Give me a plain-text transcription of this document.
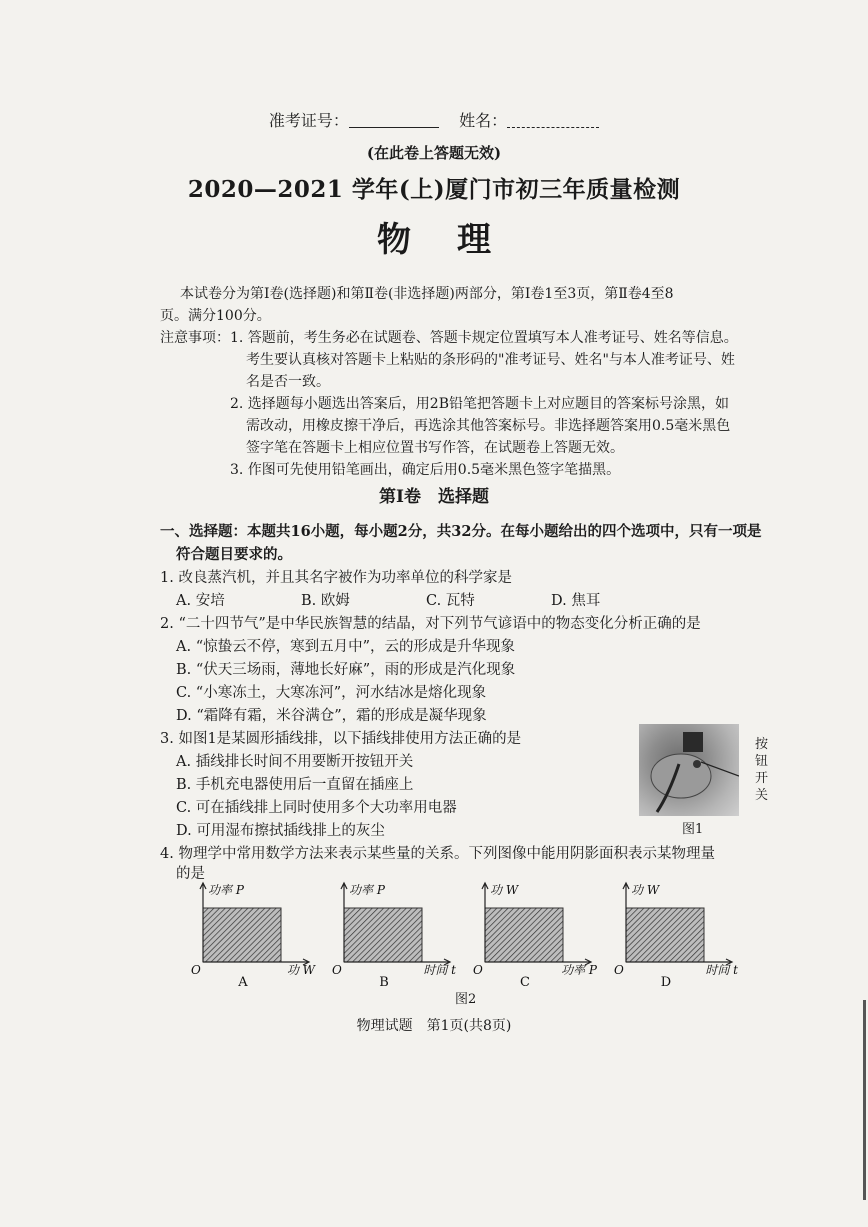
准考证号：	姓名：
(在此卷上答题无效)
2020—2021 学年(上)厦门市初三年质量检测
物理
本试卷分为第Ⅰ卷(选择题)和第Ⅱ卷(非选择题)两部分，第Ⅰ卷1至3页，第Ⅱ卷4至8
页。满分100分。
注意事项： 1. 答题前，考生务必在试题卷、答题卡规定位置填写本人准考证号、姓名等信息。
考生要认真核对答题卡上粘贴的条形码的"准考证号、姓名"与本人准考证号、姓
名是否一致。
2. 选择题每小题选出答案后，用2B铅笔把答题卡上对应题目的答案标号涂黑，如
需改动，用橡皮擦干净后，再选涂其他答案标号。非选择题答案用0.5毫米黑色
签字笔在答题卡上相应位置书写作答，在试题卷上答题无效。
3. 作图可先使用铅笔画出，确定后用0.5毫米黑色签字笔描黑。
第Ⅰ卷　选择题
一、选择题：本题共16小题，每小题2分，共32分。在每小题给出的四个选项中，只有一项是
符合题目要求的。
1. 改良蒸汽机，并且其名字被作为功率单位的科学家是
A. 安培	B. 欧姆	C. 瓦特	D. 焦耳
2. “二十四节气”是中华民族智慧的结晶，对下列节气谚语中的物态变化分析正确的是
A. “惊蛰云不停，寒到五月中”，云的形成是升华现象
B. “伏天三场雨，薄地长好麻”，雨的形成是汽化现象
C. “小寒冻土，大寒冻河”，河水结冰是熔化现象
D. “霜降有霜，米谷满仓”，霜的形成是凝华现象
3. 如图1是某圆形插线排，以下插线排使用方法正确的是
A. 插线排长时间不用要断开按钮开关
B. 手机充电器使用后一直留在插座上
C. 可在插线排上同时使用多个大功率用电器
D. 可用湿布擦拭插线排上的灰尘
按
钮
开
关
图1
4. 物理学中常用数学方法来表示某些量的关系。下列图像中能用阴影面积表示某物理量
的是
功率 P
O	功 W
A
功率 P
O	时间 t
B
功 W
O	功率 P
C
功 W
O	时间 t
D
图2
物理试题　第1页(共8页)
